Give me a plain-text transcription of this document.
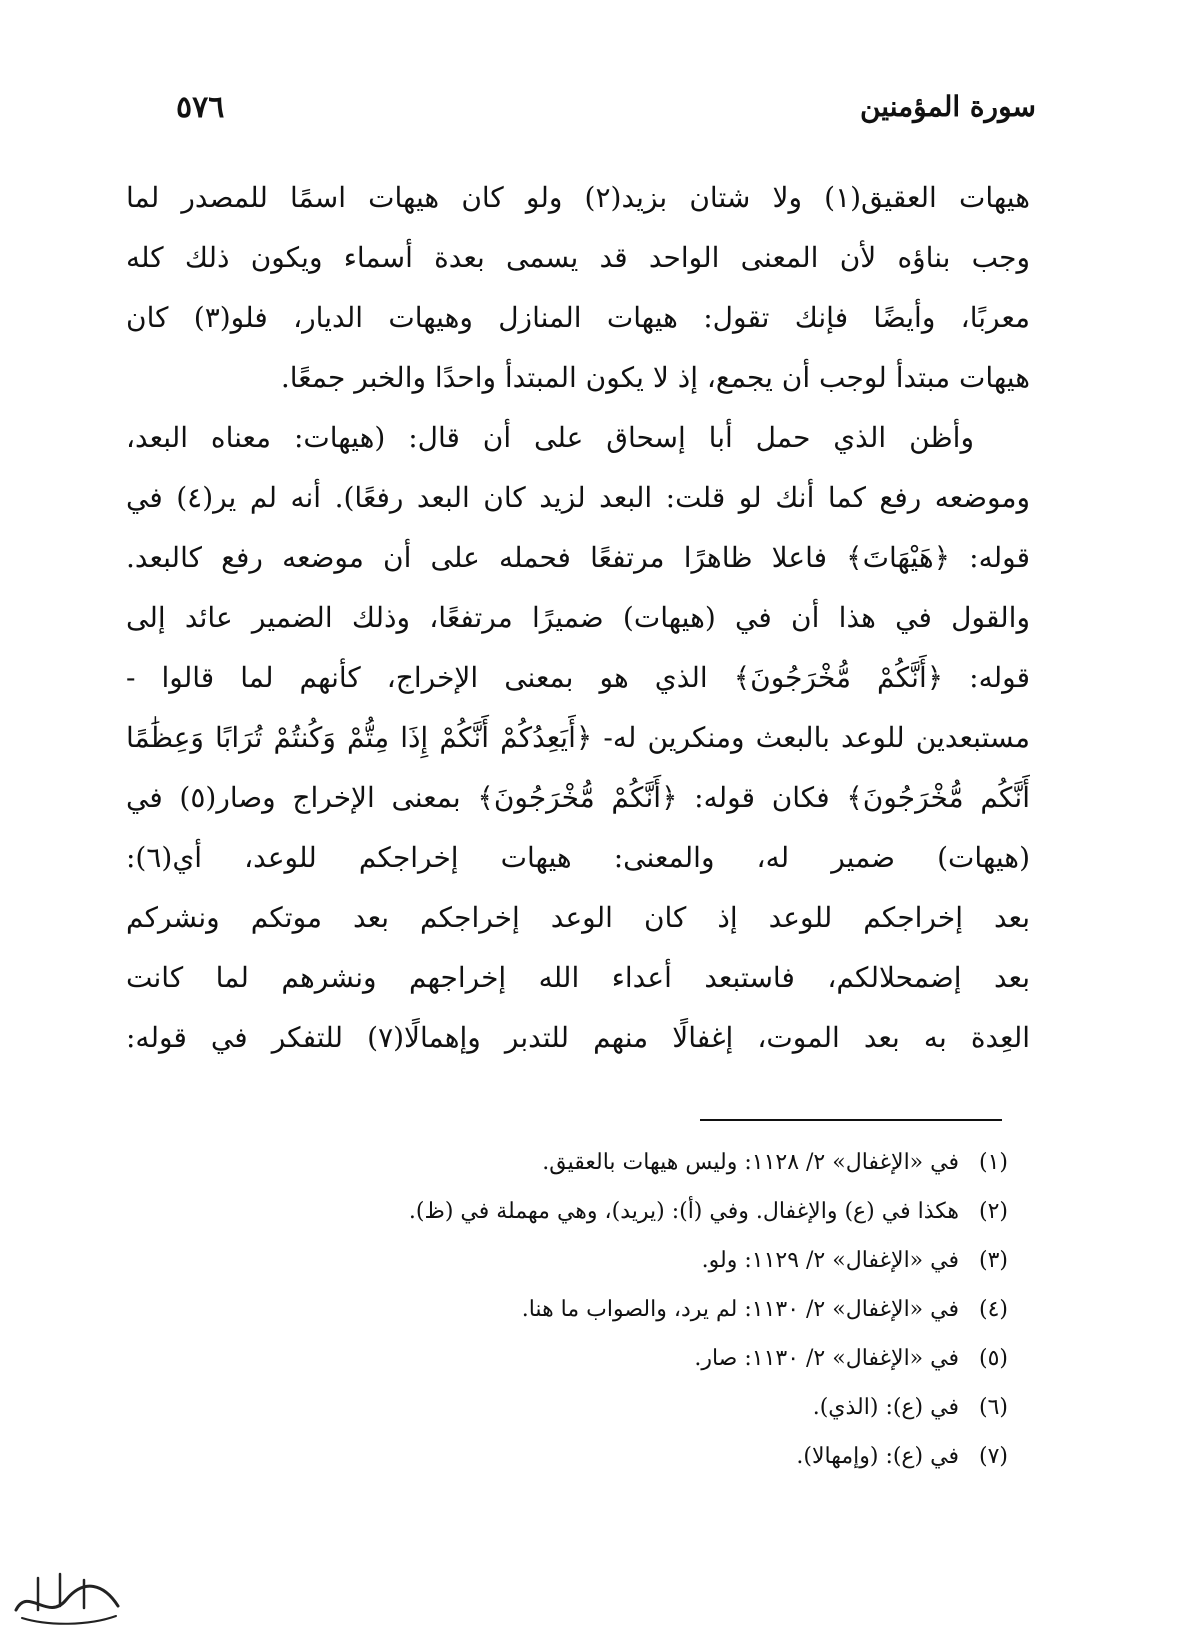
٥٧٦	سورة المؤمنين
هيهات العقيق(١) ولا شتان بزيد(٢) ولو كان هيهات اسمًا للمصدر لما
وجب بناؤه لأن المعنى الواحد قد يسمى بعدة أسماء ويكون ذلك كله
معربًا، وأيضًا فإنك تقول: هيهات المنازل وهيهات الديار، فلو(٣) كان
هيهات مبتدأ لوجب أن يجمع، إذ لا يكون المبتدأ واحدًا والخبر جمعًا.
وأظن الذي حمل أبا إسحاق على أن قال: (هيهات: معناه البعد،
وموضعه رفع كما أنك لو قلت: البعد لزيد كان البعد رفعًا). أنه لم ير(٤) في
قوله: ﴿هَيْهَاتَ﴾ فاعلا ظاهرًا مرتفعًا فحمله على أن موضعه رفع كالبعد.
والقول في هذا أن في (هيهات) ضميرًا مرتفعًا، وذلك الضمير عائد إلى
قوله: ﴿أَنَّكُمْ مُّخْرَجُونَ﴾ الذي هو بمعنى الإخراج، كأنهم لما قالوا -
مستبعدين للوعد بالبعث ومنكرين له- ﴿أَيَعِدُكُمْ أَنَّكُمْ إِذَا مِتُّمْ وَكُنتُمْ تُرَابًا وَعِظَٰمًا
أَنَّكُم مُّخْرَجُونَ﴾ فكان قوله: ﴿أَنَّكُمْ مُّخْرَجُونَ﴾ بمعنى الإخراج وصار(٥) في
(هيهات) ضمير له، والمعنى: هيهات إخراجكم للوعد، أي(٦):
بعد إخراجكم للوعد إذ كان الوعد إخراجكم بعد موتكم ونشركم
بعد إضمحلالكم، فاستبعد أعداء الله إخراجهم ونشرهم لما كانت
العِدة به بعد الموت، إغفالًا منهم للتدبر وإهمالًا(٧) للتفكر في قوله:
(١) في «الإغفال» ٢/ ١١٢٨: وليس هيهات بالعقيق.
(٢) هكذا في (ع) والإغفال. وفي (أ): (يريد)، وهي مهملة في (ظ).
(٣) في «الإغفال» ٢/ ١١٢٩: ولو.
(٤) في «الإغفال» ٢/ ١١٣٠: لم يرد، والصواب ما هنا.
(٥) في «الإغفال» ٢/ ١١٣٠: صار.
(٦) في (ع): (الذي).
(٧) في (ع): (وإمهالا).
